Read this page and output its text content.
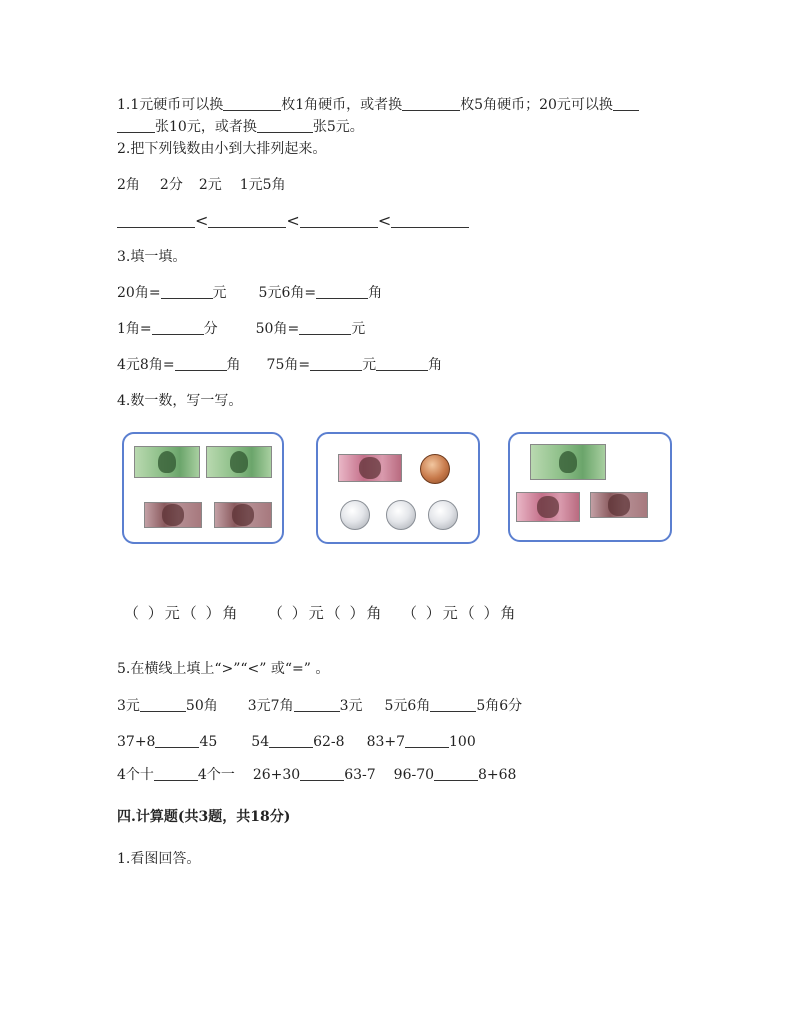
1.1元硬币可以换	枚1角硬币，或者换	枚5角硬币；20元可以换
张10元，或者换	张5元。
2.把下列钱数由小到大排列起来。
2角 2分 2元 1元5角
<	<	<
3.填一填。
20角=	元 5元6角=	角
1角=	分	50角=	元
4元8角=	角 75角=	元	角
4.数一数，写一写。
（ ）元（ ）角 （ ）元（ ）角 （ ）元（ ）角
5.在横线上填上“>”“<” 或“=” 。
3元	50角 3元7角	3元 5元6角	5角6分
37+8	45 54	62-8 83+7	100
4个十	4个一 26+30	63-7 96-70	8+68
四.计算题(共3题，共18分)
1.看图回答。
